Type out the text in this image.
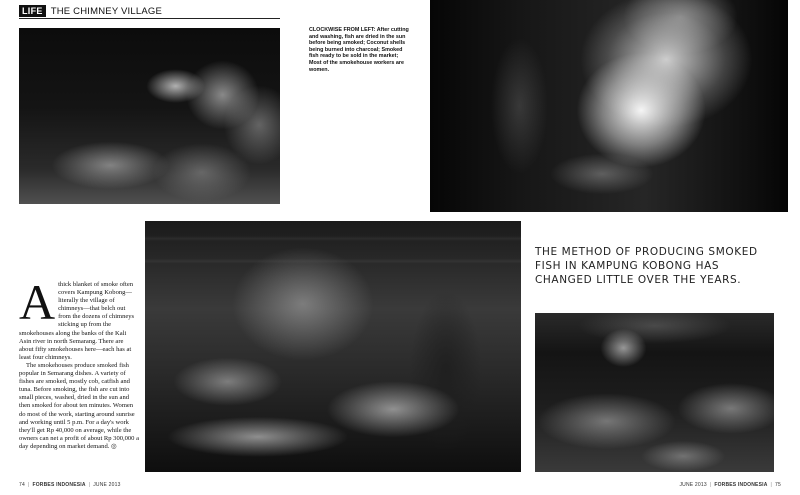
LIFE THE CHIMNEY VILLAGE

CLOCKWISE FROM LEFT: After cutting and washing, fish are dried in the sun before being smoked; Coconut shells being burned into charcoal; Smoked fish ready to be sold in the market; Most of the smokehouse workers are women.

THE METHOD OF PRODUCING SMOKED FISH IN KAMPUNG KOBONG HAS CHANGED LITTLE OVER THE YEARS.

A thick blanket of smoke often covers Kampung Kobong—literally the village of chimneys—that belch out from the dozens of chimneys sticking up from the smokehouses along the banks of the Kali Asin river in north Semarang. There are about fifty smokehouses here—each has at least four chimneys.

The smokehouses produce smoked fish popular in Semarang dishes. A variety of fishes are smoked, mostly cob, catfish and tuna. Before smoking, the fish are cut into small pieces, washed, dried in the sun and then smoked for about ten minutes. Women do most of the work, starting around sunrise and working until 5 p.m. For a day's work they'll get Rp 40,000 on average, while the owners can net a profit of about Rp 300,000 a day depending on market demand. ◎

74 | FORBES INDONESIA | JUNE 2013	JUNE 2013 | FORBES INDONESIA | 75
